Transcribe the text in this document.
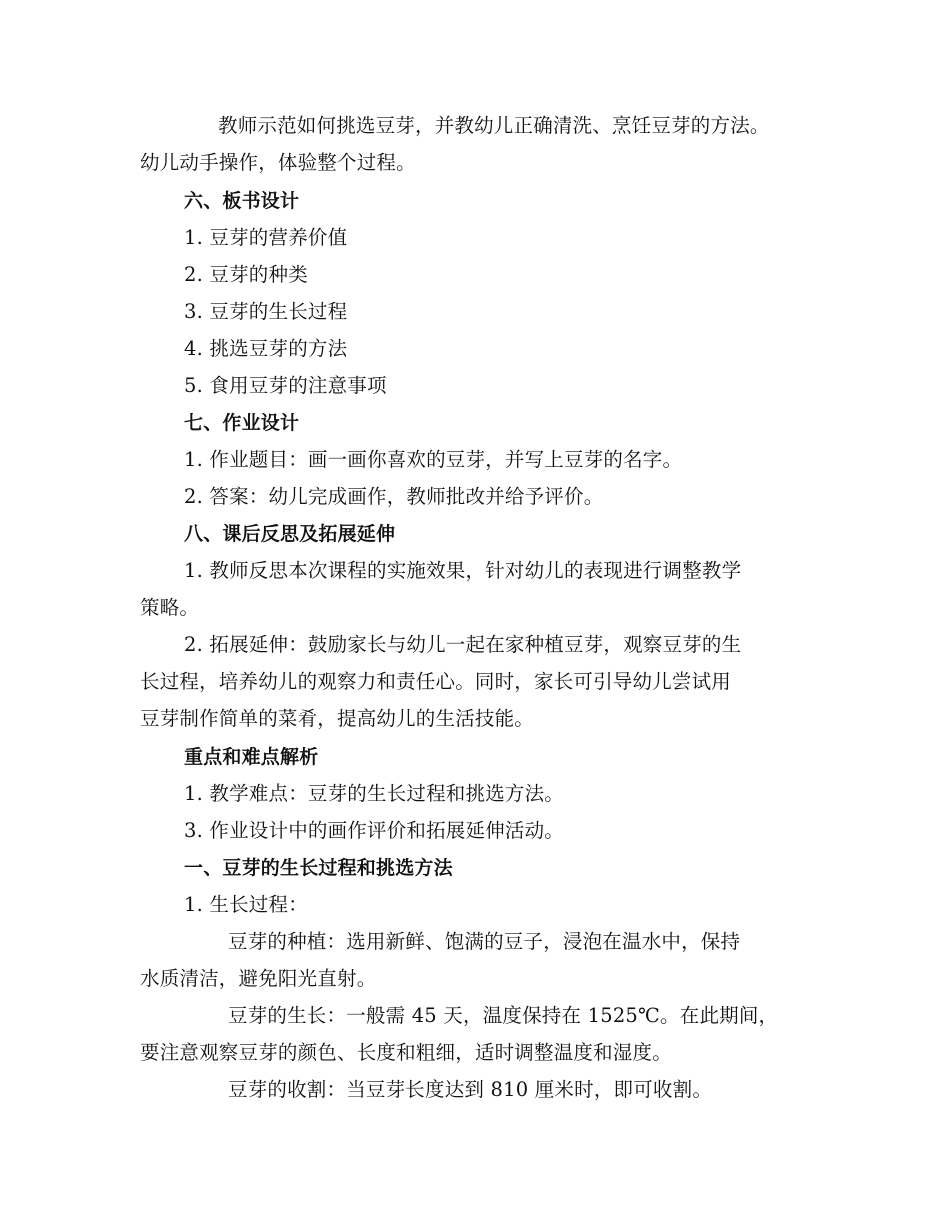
教师示范如何挑选豆芽，并教幼儿正确清洗、烹饪豆芽的方法。
幼儿动手操作，体验整个过程。
六、板书设计
1. 豆芽的营养价值
2. 豆芽的种类
3. 豆芽的生长过程
4. 挑选豆芽的方法
5. 食用豆芽的注意事项
七、作业设计
1. 作业题目：画一画你喜欢的豆芽，并写上豆芽的名字。
2. 答案：幼儿完成画作，教师批改并给予评价。
八、课后反思及拓展延伸
1. 教师反思本次课程的实施效果，针对幼儿的表现进行调整教学
策略。
2. 拓展延伸：鼓励家长与幼儿一起在家种植豆芽，观察豆芽的生
长过程，培养幼儿的观察力和责任心。同时，家长可引导幼儿尝试用
豆芽制作简单的菜肴，提高幼儿的生活技能。
重点和难点解析
1. 教学难点：豆芽的生长过程和挑选方法。
3. 作业设计中的画作评价和拓展延伸活动。
一、豆芽的生长过程和挑选方法
1. 生长过程：
豆芽的种植：选用新鲜、饱满的豆子，浸泡在温水中，保持
水质清洁，避免阳光直射。
豆芽的生长：一般需 45 天，温度保持在 1525℃。在此期间，
要注意观察豆芽的颜色、长度和粗细，适时调整温度和湿度。
豆芽的收割：当豆芽长度达到 810 厘米时，即可收割。
